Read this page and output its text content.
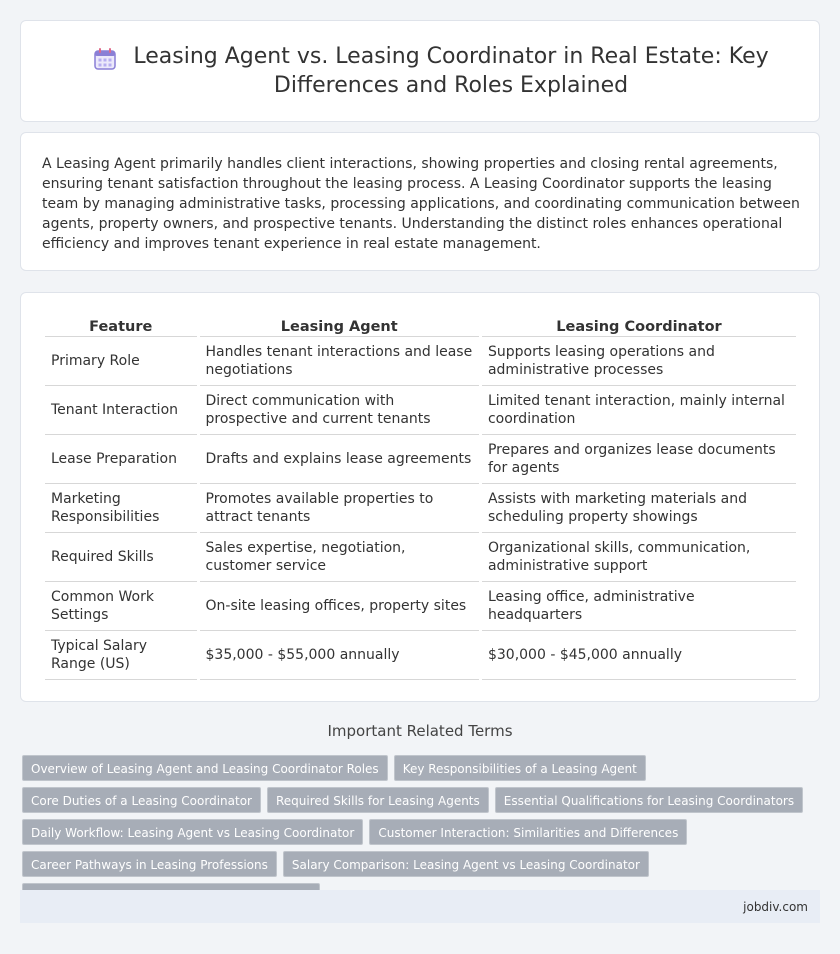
Leasing Agent vs. Leasing Coordinator in Real Estate: Key Differences and Roles Explained

A Leasing Agent primarily handles client interactions, showing properties and closing rental agreements, ensuring tenant satisfaction throughout the leasing process. A Leasing Coordinator supports the leasing team by managing administrative tasks, processing applications, and coordinating communication between agents, property owners, and prospective tenants. Understanding the distinct roles enhances operational efficiency and improves tenant experience in real estate management.

Feature	Leasing Agent	Leasing Coordinator
Primary Role	Handles tenant interactions and lease negotiations	Supports leasing operations and administrative processes
Tenant Interaction	Direct communication with prospective and current tenants	Limited tenant interaction, mainly internal coordination
Lease Preparation	Drafts and explains lease agreements	Prepares and organizes lease documents for agents
Marketing Responsibilities	Promotes available properties to attract tenants	Assists with marketing materials and scheduling property showings
Required Skills	Sales expertise, negotiation, customer service	Organizational skills, communication, administrative support
Common Work Settings	On-site leasing offices, property sites	Leasing office, administrative headquarters
Typical Salary Range (US)	$35,000 - $55,000 annually	$30,000 - $45,000 annually
Important Related Terms
Overview of Leasing Agent and Leasing Coordinator Roles	Key Responsibilities of a Leasing Agent
Core Duties of a Leasing Coordinator	Required Skills for Leasing Agents	Essential Qualifications for Leasing Coordinators
Daily Workflow: Leasing Agent vs Leasing Coordinator	Customer Interaction: Similarities and Differences
Career Pathways in Leasing Professions	Salary Comparison: Leasing Agent vs Leasing Coordinator
jobdiv.com
